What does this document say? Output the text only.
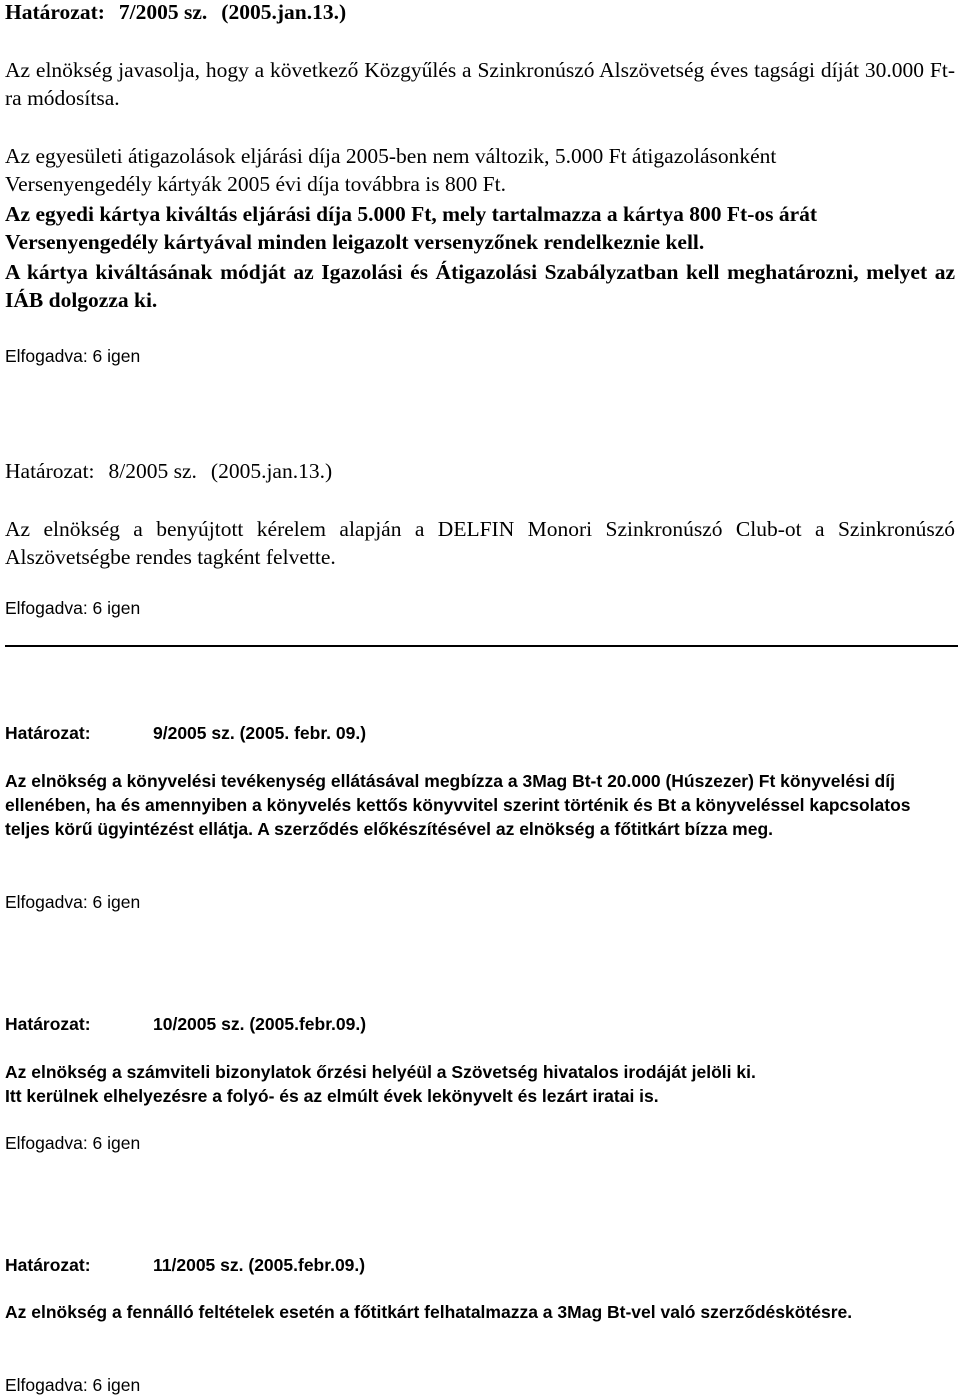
Határozat: 7/2005 sz. (2005.jan.13.)

Az elnökség javasolja, hogy a következő Közgyűlés a Szinkronúszó Alszövetség éves tagsági díját 30.000 Ft-ra módosítsa.

Az egyesületi átigazolások eljárási díja 2005-ben nem változik, 5.000 Ft átigazolásonként

Versenyengedély kártyák 2005 évi díja továbbra is 800 Ft.

Az egyedi kártya kiváltás eljárási díja 5.000 Ft, mely tartalmazza a kártya 800 Ft-os árát

Versenyengedély kártyával minden leigazolt versenyzőnek rendelkeznie kell.

A kártya kiváltásának módját az Igazolási és Átigazolási Szabályzatban kell meghatározni, melyet az IÁB dolgozza ki.

Elfogadva: 6 igen

Határozat: 8/2005 sz. (2005.jan.13.)

Az elnökség a benyújtott kérelem alapján a DELFIN Monori Szinkronúszó Club-ot a Szinkronúszó Alszövetségbe rendes tagként felvette.

Elfogadva: 6 igen

Határozat:	9/2005 sz. (2005. febr. 09.)

Az elnökség a könyvelési tevékenység ellátásával megbízza a 3Mag Bt-t 20.000 (Húszezer) Ft könyvelési díj ellenében, ha és amennyiben a könyvelés kettős könyvvitel szerint történik és Bt a könyveléssel kapcsolatos teljes körű ügyintézést ellátja. A szerződés előkészítésével az elnökség a főtitkárt bízza meg.

Elfogadva: 6 igen

Határozat:	10/2005 sz. (2005.febr.09.)

Az elnökség a számviteli bizonylatok őrzési helyéül a Szövetség hivatalos irodáját jelöli ki.

Itt kerülnek elhelyezésre a folyó- és az elmúlt évek lekönyvelt és lezárt iratai is.

Elfogadva: 6 igen

Határozat:	11/2005 sz. (2005.febr.09.)

Az elnökség a fennálló feltételek esetén a főtitkárt felhatalmazza a 3Mag Bt-vel való szerződéskötésre.

Elfogadva: 6 igen
